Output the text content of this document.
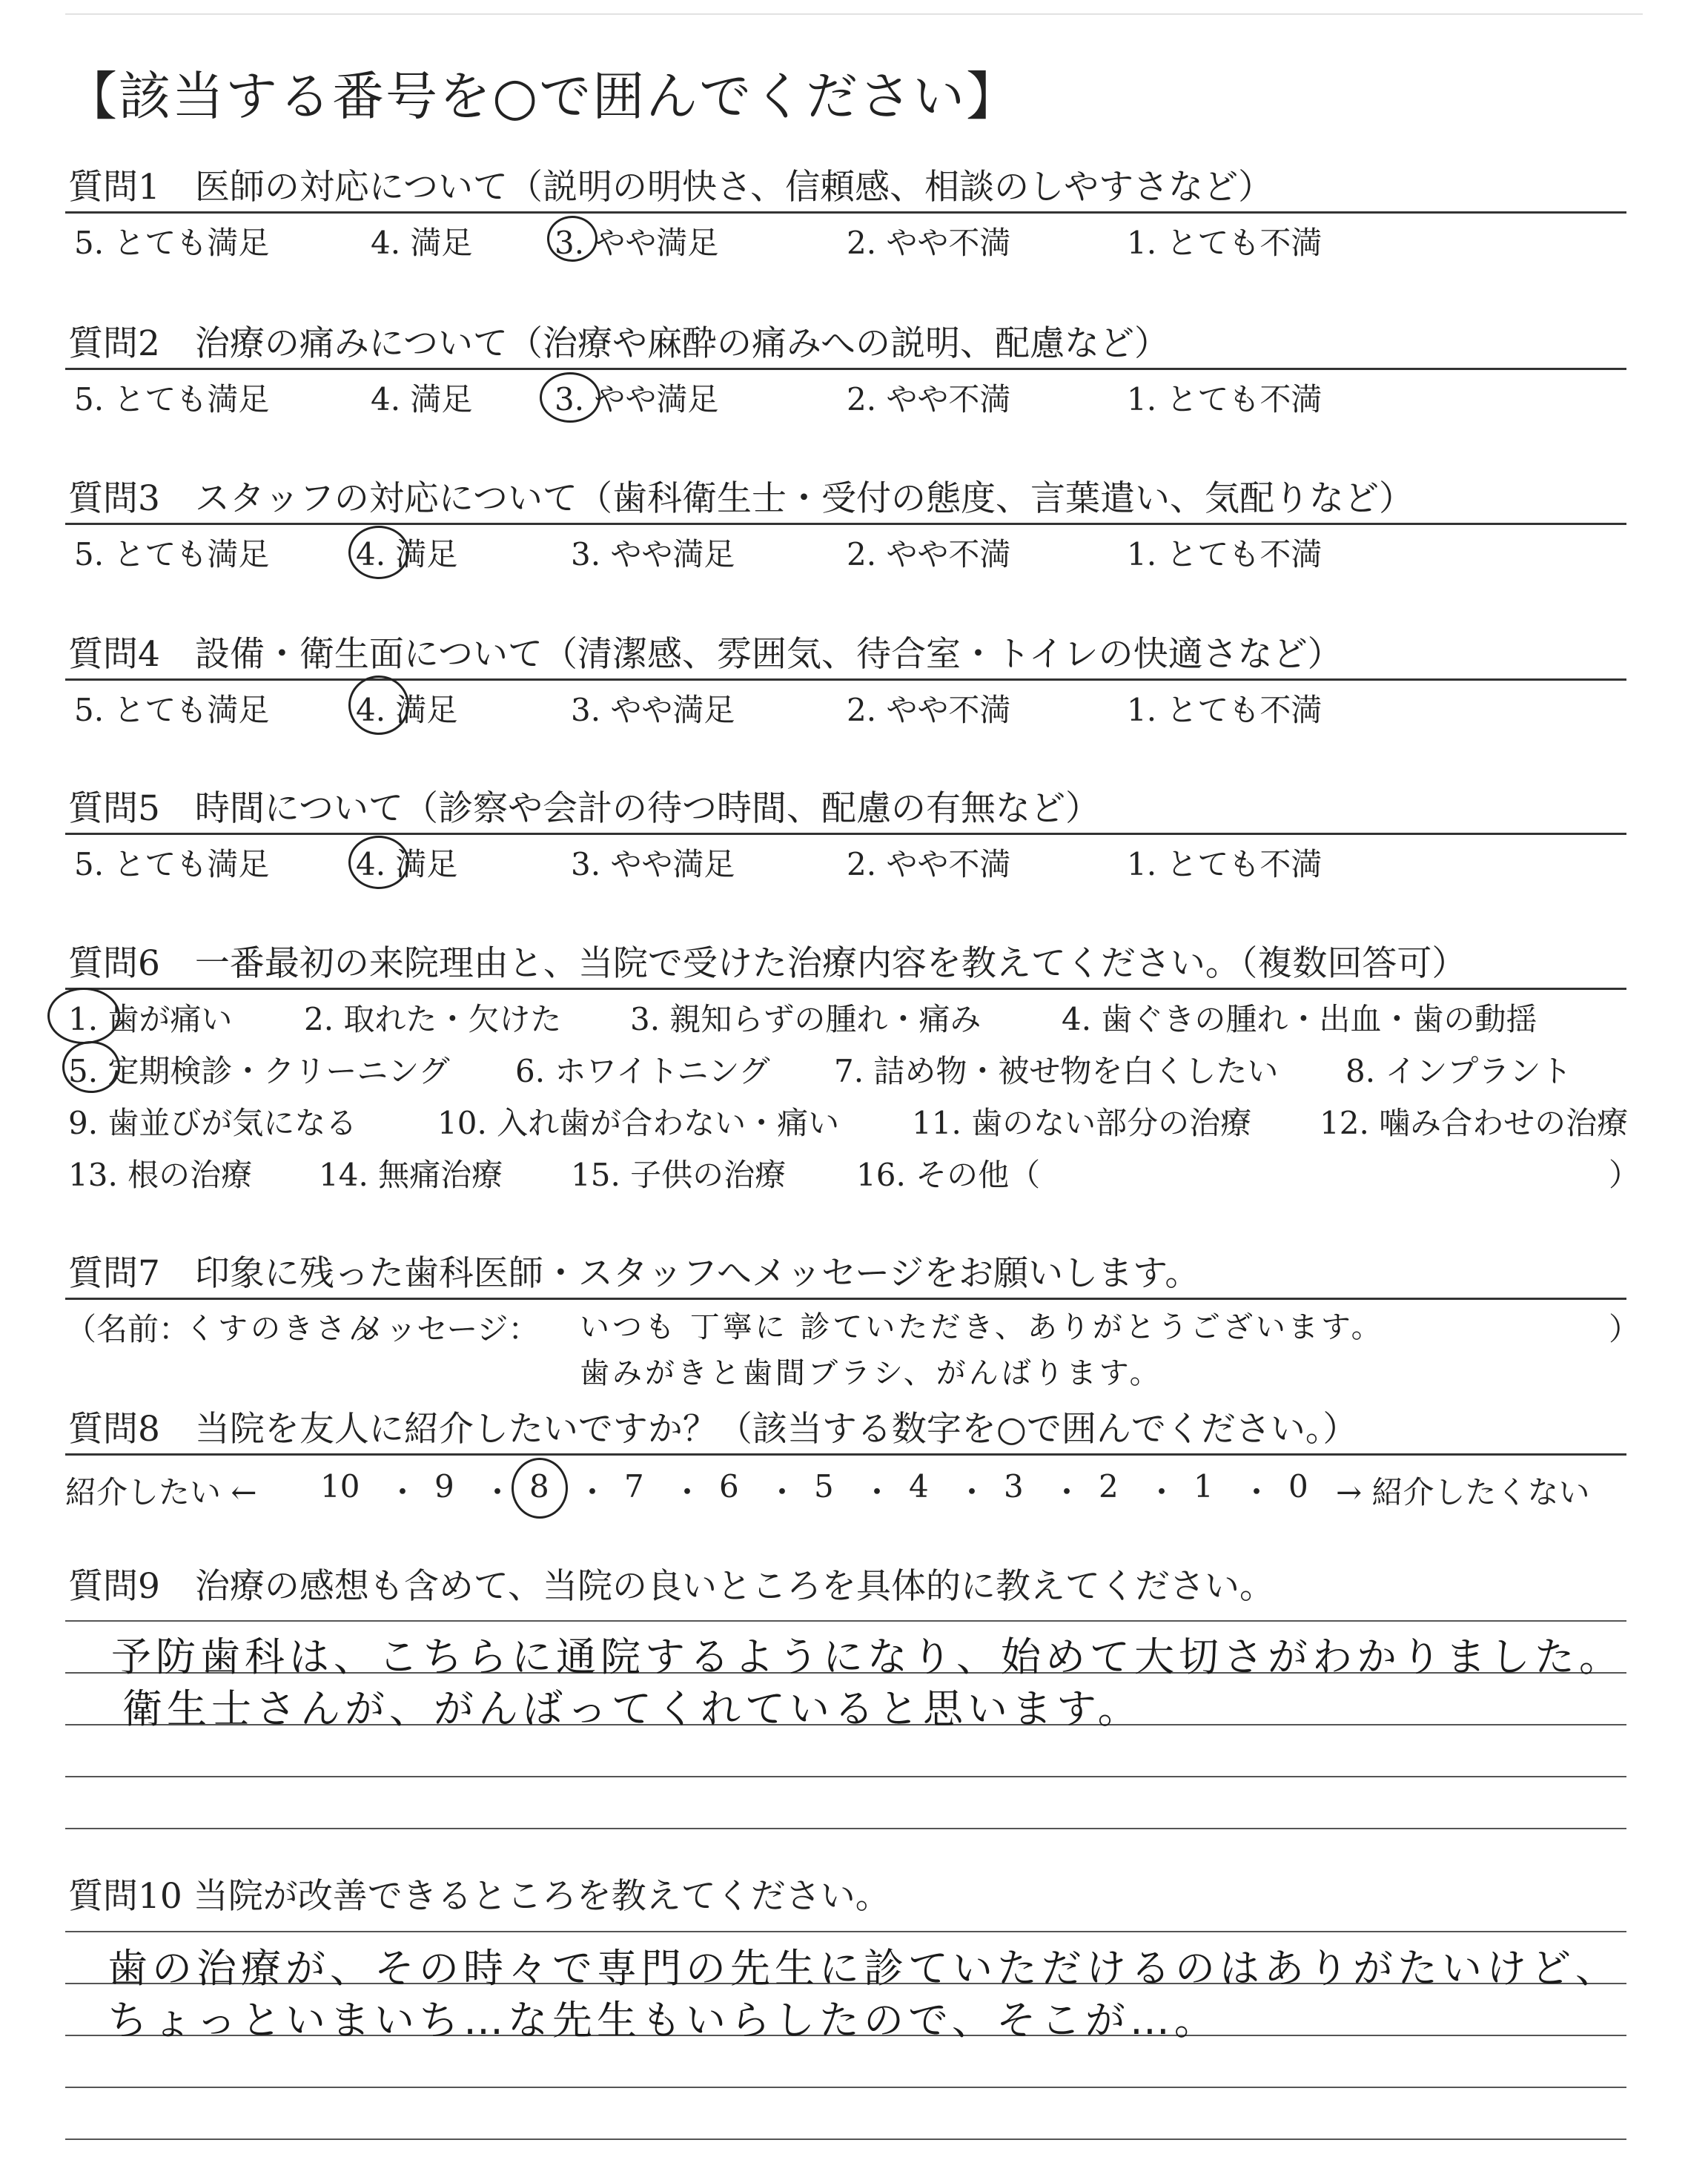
【該当する番号を○で囲んでください】
質問1　医師の対応について（説明の明快さ、信頼感、相談のしやすさなど）
5. とても満足	4. 満足	3. やや満足	2. やや不満	1. とても不満
質問2　治療の痛みについて（治療や麻酔の痛みへの説明、配慮など）
5. とても満足	4. 満足	3. やや満足	2. やや不満	1. とても不満
質問3　スタッフの対応について（歯科衛生士・受付の態度、言葉遣い、気配りなど）
5. とても満足	4. 満足	3. やや満足	2. やや不満	1. とても不満
質問4　設備・衛生面について（清潔感、雰囲気、待合室・トイレの快適さなど）
5. とても満足	4. 満足	3. やや満足	2. やや不満	1. とても不満
質問5　時間について（診察や会計の待つ時間、配慮の有無など）
5. とても満足	4. 満足	3. やや満足	2. やや不満	1. とても不満
質問6　一番最初の来院理由と、当院で受けた治療内容を教えてください。（複数回答可）
1. 歯が痛い 2. 取れた・欠けた 3. 親知らずの腫れ・痛み	4. 歯ぐきの腫れ・出血・歯の動揺
5. 定期検診・クリーニング 6. ホワイトニング 7. 詰め物・被せ物を白くしたい 8. インプラント
9. 歯並びが気になる	10. 入れ歯が合わない・痛い 11. 歯のない部分の治療 12. 噛み合わせの治療
13. 根の治療 14. 無痛治療 15. 子供の治療 16. その他（	）
質問7　印象に残った歯科医師・スタッフへメッセージをお願いします。
（名前：
くすのきさん
メッセージ： いつも 丁寧に 診ていただき、ありがとうございます。	）
歯みがきと歯間ブラシ、がんばります。
質問8　当院を友人に紹介したいですか？（該当する数字を○で囲んでください。）
紹介したい ← 10 ・ 9 ・ 8 ・ 7 ・ 6 ・ 5 ・ 4 ・ 3 ・ 2 ・ 1 ・ 0 → 紹介したくない
質問9　治療の感想も含めて、当院の良いところを具体的に教えてください。
予防歯科は、こちらに通院するようになり、始めて大切さがわかりました。
衛生士さんが、がんばってくれていると思います。
質問10 当院が改善できるところを教えてください。
歯の治療が、その時々で専門の先生に診ていただけるのはありがたいけど、
ちょっといまいち…な先生もいらしたので、そこが…。
